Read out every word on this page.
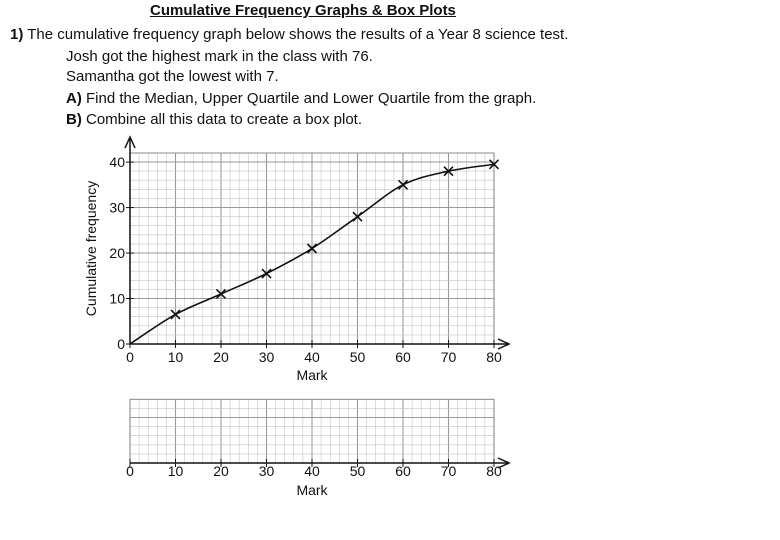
Cumulative Frequency Graphs & Box Plots
1) The cumulative frequency graph below shows the results of a Year 8 science test.
Josh got the highest mark in the class with 76.
Samantha got the lowest with 7.
A) Find the Median, Upper Quartile and Lower Quartile from the graph.
B) Combine all this data to create a box plot.
0 10 20 30 40 50 60 70 80
0
10
20
30
40
Mark
Cumulative frequency
0 10 20 30 40 50 60 70 80
Mark
